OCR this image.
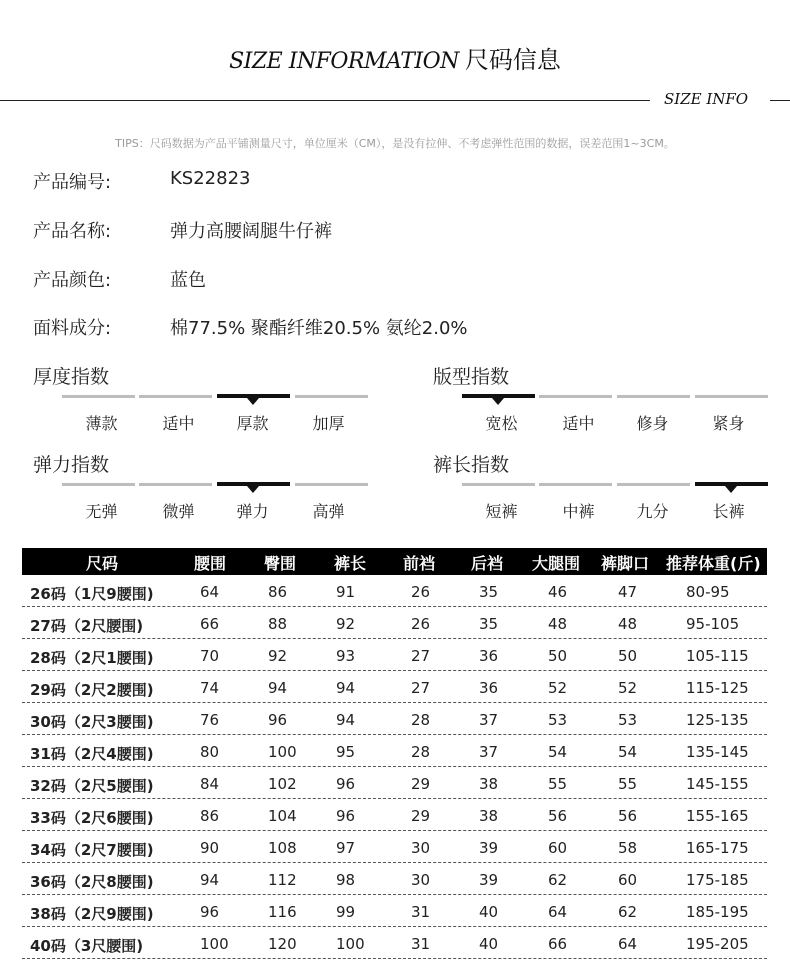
SIZE INFORMATION 尺码信息
SIZE INFO
TIPS：尺码数据为产品平铺测量尺寸，单位厘米（CM），是没有拉伸、不考虑弹性范围的数据，误差范围1~3CM。
产品编号:	KS22823
产品名称:	弹力高腰阔腿牛仔裤
产品颜色:	蓝色
面料成分:	棉77.5% 聚酯纤维20.5% 氨纶2.0%
厚度指数
薄款	适中	厚款	加厚
版型指数
宽松	适中	修身	紧身
弹力指数
无弹	微弹	弹力	高弹
裤长指数
短裤	中裤	九分	长裤
尺码	腰围 臀围 裤长 前裆 后裆 大腿围 裤脚口 推荐体重(斤)
26码（1尺9腰围)	64	86	91	26	35	46	47	80-95
27码（2尺腰围)	66	88	92	26	35	48	48	95-105
28码（2尺1腰围)	70	92	93	27	36	50	50	105-115
29码（2尺2腰围)	74	94	94	27	36	52	52	115-125
30码（2尺3腰围)	76	96	94	28	37	53	53	125-135
31码（2尺4腰围)	80	100	95	28	37	54	54	135-145
32码（2尺5腰围)	84	102	96	29	38	55	55	145-155
33码（2尺6腰围)	86	104	96	29	38	56	56	155-165
34码（2尺7腰围)	90	108	97	30	39	60	58	165-175
36码（2尺8腰围)	94	112	98	30	39	62	60	175-185
38码（2尺9腰围)	96	116	99	31	40	64	62	185-195
40码（3尺腰围)	100	120	100	31	40	66	64	195-205
